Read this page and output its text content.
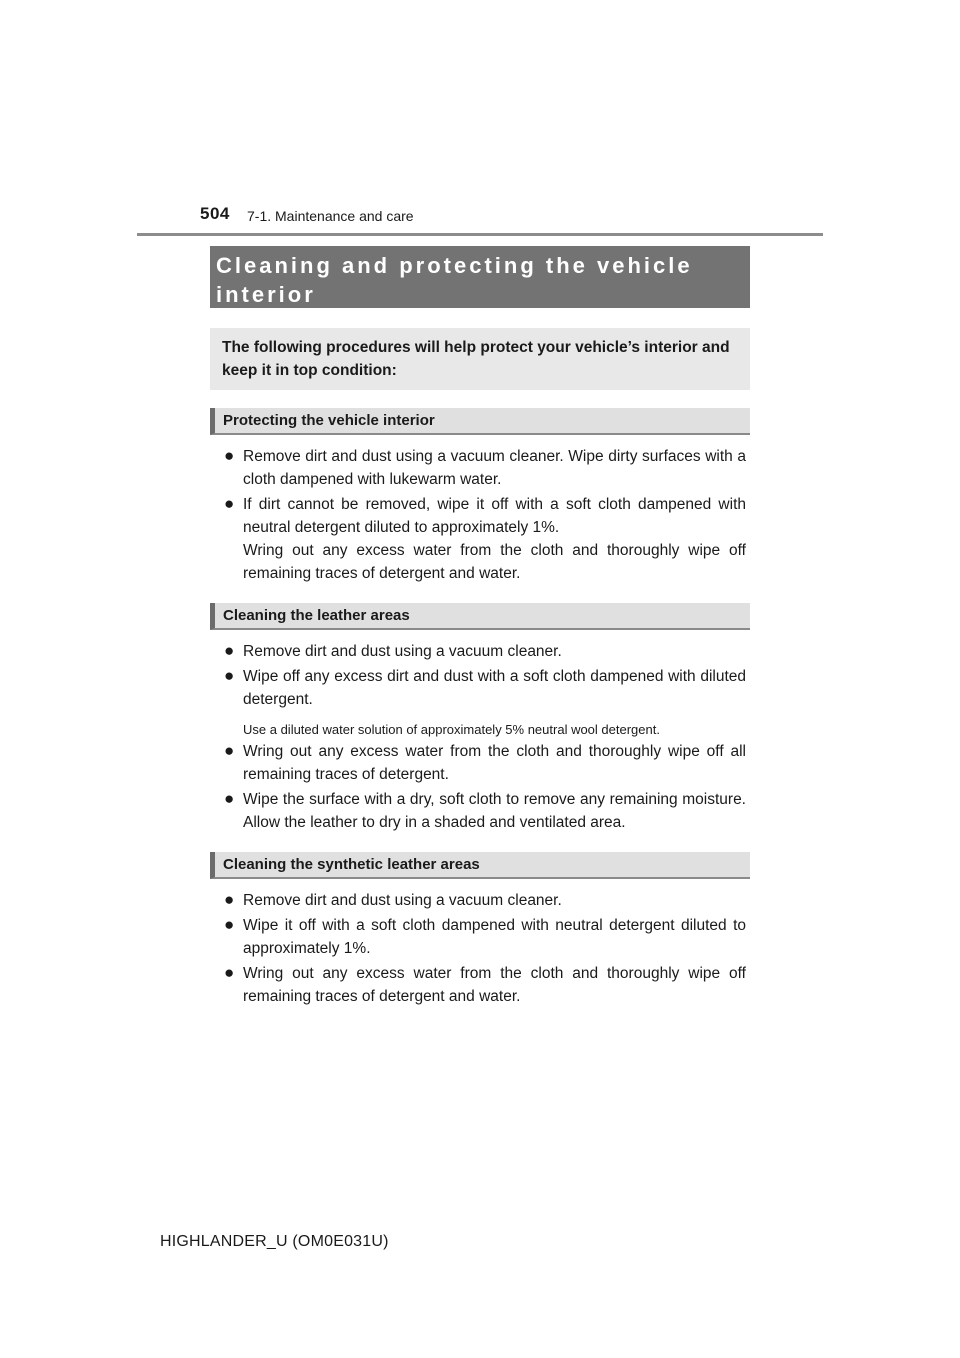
504 7-1. Maintenance and care
Cleaning and protecting the vehicle interior
The following procedures will help protect your vehicle’s interior and keep it in top condition:
Protecting the vehicle interior
● Remove dirt and dust using a vacuum cleaner. Wipe dirty surfaces with a cloth dampened with lukewarm water.
● If dirt cannot be removed, wipe it off with a soft cloth dampened with neutral detergent diluted to approximately 1%.
Wring out any excess water from the cloth and thoroughly wipe off remaining traces of detergent and water.
Cleaning the leather areas
● Remove dirt and dust using a vacuum cleaner.
● Wipe off any excess dirt and dust with a soft cloth dampened with diluted detergent.
Use a diluted water solution of approximately 5% neutral wool detergent.
● Wring out any excess water from the cloth and thoroughly wipe off all remaining traces of detergent.
● Wipe the surface with a dry, soft cloth to remove any remaining moisture. Allow the leather to dry in a shaded and ventilated area.
Cleaning the synthetic leather areas
● Remove dirt and dust using a vacuum cleaner.
● Wipe it off with a soft cloth dampened with neutral detergent diluted to approximately 1%.
● Wring out any excess water from the cloth and thoroughly wipe off remaining traces of detergent and water.
HIGHLANDER_U (OM0E031U)
